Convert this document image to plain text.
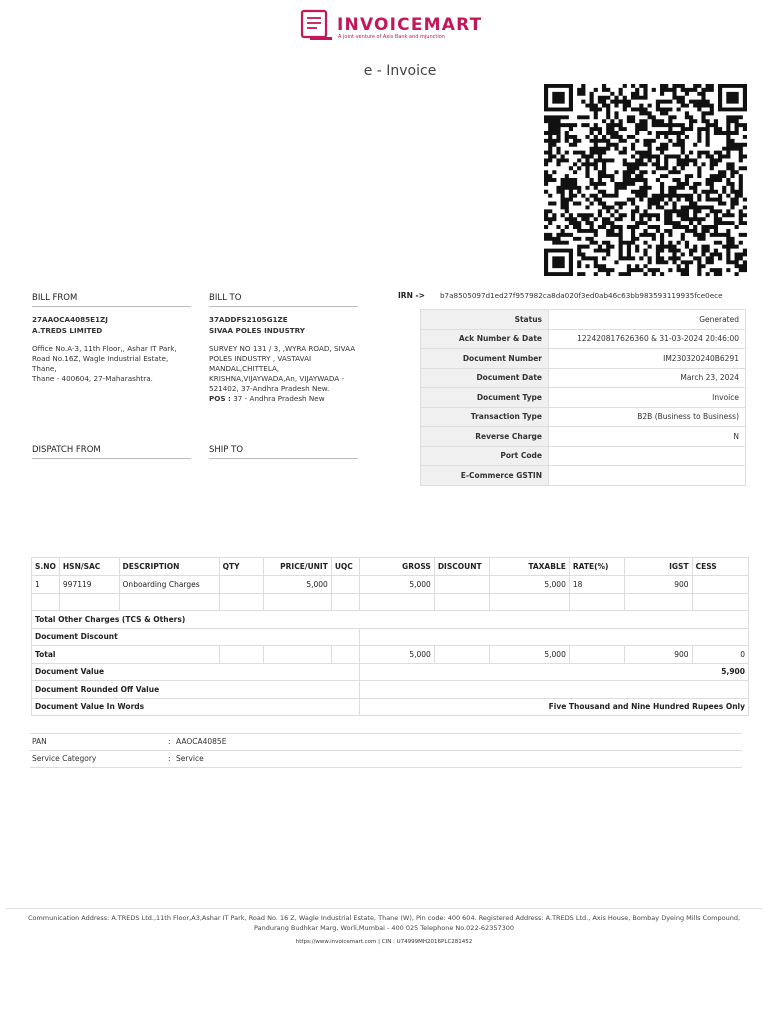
INVOICEMART
A joint venture of Axis Bank and mjunction
e - Invoice
BILL FROM
27AAOCA4085E1ZJ
A.TREDS LIMITED
Office No.A-3, 11th Floor,, Ashar IT Park, Road No.16Z, Wagle Industrial Estate, Thane,
Thane - 400604, 27-Maharashtra.
BILL TO
37ADDFS2105G1ZE
SIVAA POLES INDUSTRY
SURVEY NO 131 / 3, ,WYRA ROAD, SIVAA POLES INDUSTRY , VASTAVAI MANDAL,CHITTELA, KRISHNA,VIJAYWADA,An, VIJAYWADA - 521402, 37-Andhra Pradesh New.
POS : 37 - Andhra Pradesh New
DISPATCH FROM	SHIP TO
IRN -> b7a8505097d1ed27f957982ca8da020f3ed0ab46c63bb983593119935fce0ece
Status	Generated
Ack Number & Date	122420817626360 & 31-03-2024 20:46:00
Document Number	IM230320240B6291
Document Date	March 23, 2024
Document Type	Invoice
Transaction Type	B2B (Business to Business)
Reverse Charge	N
Port Code	
E-Commerce GSTIN	
S.NO	HSN/SAC	DESCRIPTION	QTY	PRICE/UNIT	UQC	GROSS	DISCOUNT	TAXABLE	RATE(%)	IGST	CESS
1	997119	Onboarding Charges		5,000		5,000		5,000	18	900	

Total Other Charges (TCS & Others)											
Document Discount											
Total						5,000		5,000		900	0
Document Value						5,900					
Document Rounded Off Value											
Document Value In Words						Five Thousand and Nine Hundred Rupees Only					
PAN	: AAOCA4085E
Service Category	: Service
Communication Address: A.TREDS Ltd.,11th Floor,A3,Ashar IT Park, Road No. 16 Z, Wagle Industrial Estate, Thane (W), Pin code: 400 604. Registered Address: A.TREDS Ltd., Axis House, Bombay Dyeing Mills Compound, Pandurang Budhkar Marg, Worli,Mumbai - 400 025 Telephone No.022-62357300
https://www.invoicemart.com | CIN : U74999MH2016PLC281452
